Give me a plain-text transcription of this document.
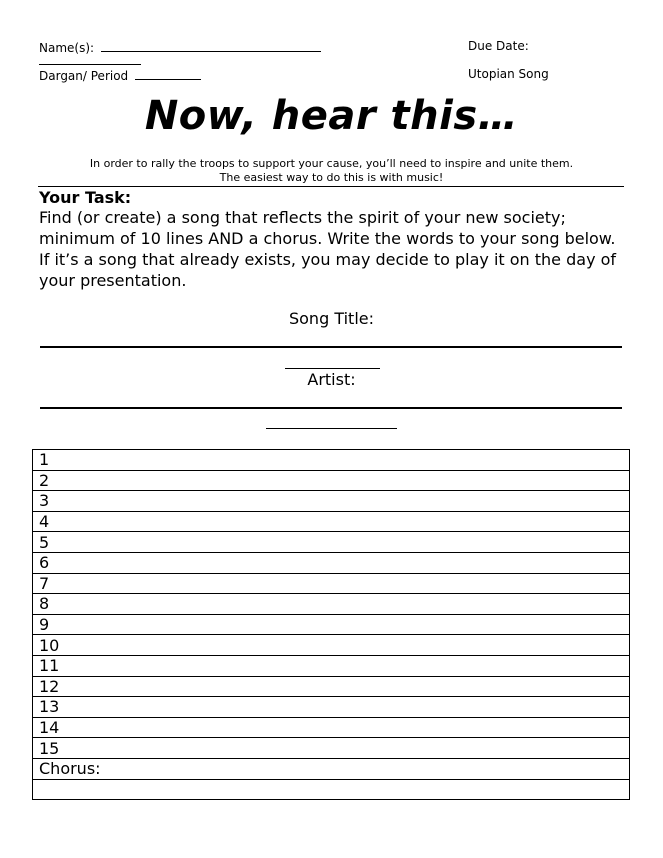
Name(s):	Due Date:
Dargan/ Period	Utopian Song
Now, hear this…
In order to rally the troops to support your cause, you’ll need to inspire and unite them.
The easiest way to do this is with music!
Your Task:
Find (or create) a song that reflects the spirit of your new society; minimum of 10 lines AND a chorus. Write the words to your song below. If it’s a song that already exists, you may decide to play it on the day of your presentation.
Song Title:
Artist:
1
2
3
4
5
6
7
8
9
10
11
12
13
14
15
Chorus:
